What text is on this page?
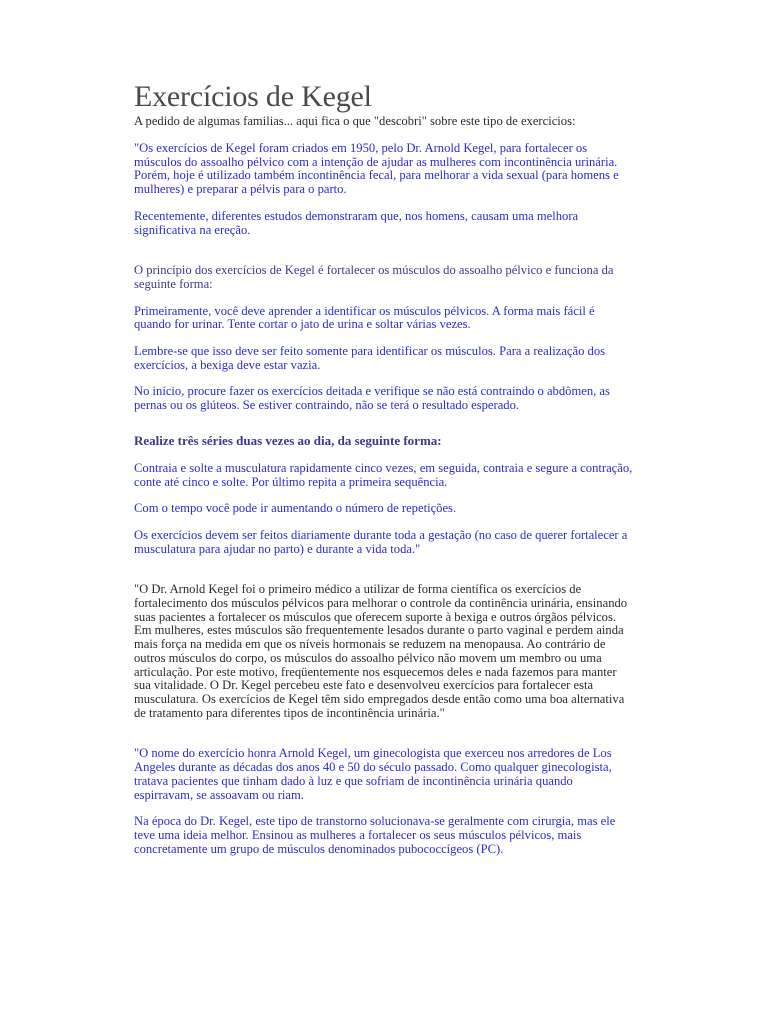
Exercícios de Kegel

A pedido de algumas familias... aqui fica o que "descobri" sobre este tipo de exercicios:

"Os exercícios de Kegel foram criados em 1950, pelo Dr. Arnold Kegel, para fortalecer os músculos do assoalho pélvico com a intenção de ajudar as mulheres com incontinência urinária. Porém, hoje é utilizado também incontinência fecal, para melhorar a vida sexual (para homens e mulheres) e preparar a pélvis para o parto.

Recentemente, diferentes estudos demonstraram que, nos homens, causam uma melhora significativa na ereção.

O princípio dos exercícios de Kegel é fortalecer os músculos do assoalho pélvico e funciona da seguinte forma:

Primeiramente, você deve aprender a identificar os músculos pélvicos. A forma mais fácil é quando for urinar. Tente cortar o jato de urina e soltar várias vezes.

Lembre-se que isso deve ser feito somente para identificar os músculos. Para a realização dos exercícios, a bexiga deve estar vazia.

No início, procure fazer os exercícios deitada e verifique se não está contraindo o abdômen, as pernas ou os glúteos. Se estiver contraindo, não se terá o resultado esperado.

Realize três séries duas vezes ao dia, da seguinte forma:

Contraia e solte a musculatura rapidamente cinco vezes, em seguida, contraia e segure a contração, conte até cinco e solte. Por último repita a primeira sequência.

Com o tempo você pode ir aumentando o número de repetições.

Os exercícios devem ser feitos diariamente durante toda a gestação (no caso de querer fortalecer a musculatura para ajudar no parto) e durante a vida toda."

"O Dr. Arnold Kegel foi o primeiro médico a utilizar de forma científica os exercícios de fortalecimento dos músculos pélvicos para melhorar o controle da continência urinária, ensinando suas pacientes a fortalecer os músculos que oferecem suporte à bexiga e outros órgãos pélvicos. Em mulheres, estes músculos são frequentemente lesados durante o parto vaginal e perdem ainda mais força na medida em que os níveis hormonais se reduzem na menopausa. Ao contrário de outros músculos do corpo, os músculos do assoalho pélvico não movem um membro ou uma articulação. Por este motivo, freqüentemente nos esquecemos deles e nada fazemos para manter sua vitalidade. O Dr. Kegel percebeu este fato e desenvolveu exercícios para fortalecer esta musculatura. Os exercícios de Kegel têm sido empregados desde então como uma boa alternativa de tratamento para diferentes tipos de incontinência urinária."

"O nome do exercício honra Arnold Kegel, um ginecologista que exerceu nos arredores de Los Angeles durante as décadas dos anos 40 e 50 do século passado. Como qualquer ginecologista, tratava pacientes que tinham dado à luz e que sofriam de incontinência urinária quando espirravam, se assoavam ou riam.

Na época do Dr. Kegel, este tipo de transtorno solucionava-se geralmente com cirurgia, mas ele teve uma ideia melhor. Ensinou as mulheres a fortalecer os seus músculos pélvicos, mais concretamente um grupo de músculos denominados pubococcígeos (PC).
